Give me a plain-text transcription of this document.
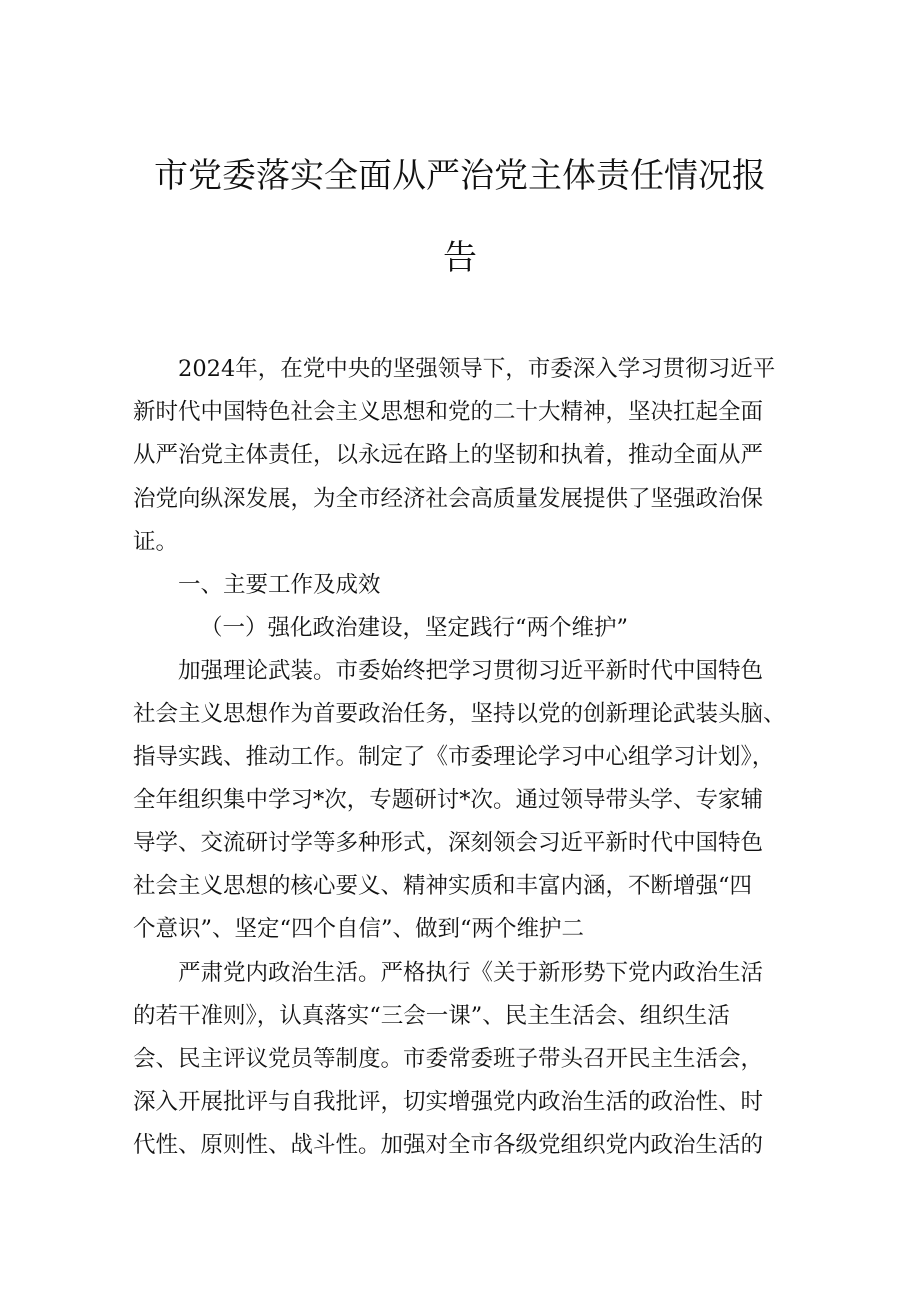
市党委落实全面从严治党主体责任情况报
告

2024年，在党中央的坚强领导下，市委深入学习贯彻习近平

新时代中国特色社会主义思想和党的二十大精神，坚决扛起全面

从严治党主体责任，以永远在路上的坚韧和执着，推动全面从严

治党向纵深发展，为全市经济社会高质量发展提供了坚强政治保

证。

一、主要工作及成效

（一）强化政治建设，坚定践行“两个维护”

加强理论武装。市委始终把学习贯彻习近平新时代中国特色

社会主义思想作为首要政治任务，坚持以党的创新理论武装头脑、

指导实践、推动工作。制定了《市委理论学习中心组学习计划》，

全年组织集中学习*次，专题研讨*次。通过领导带头学、专家辅

导学、交流研讨学等多种形式，深刻领会习近平新时代中国特色

社会主义思想的核心要义、精神实质和丰富内涵，不断增强“四

个意识”、坚定“四个自信”、做到“两个维护二

严肃党内政治生活。严格执行《关于新形势下党内政治生活

的若干准则》，认真落实“三会一课”、民主生活会、组织生活

会、民主评议党员等制度。市委常委班子带头召开民主生活会，

深入开展批评与自我批评，切实增强党内政治生活的政治性、时

代性、原则性、战斗性。加强对全市各级党组织党内政治生活的
